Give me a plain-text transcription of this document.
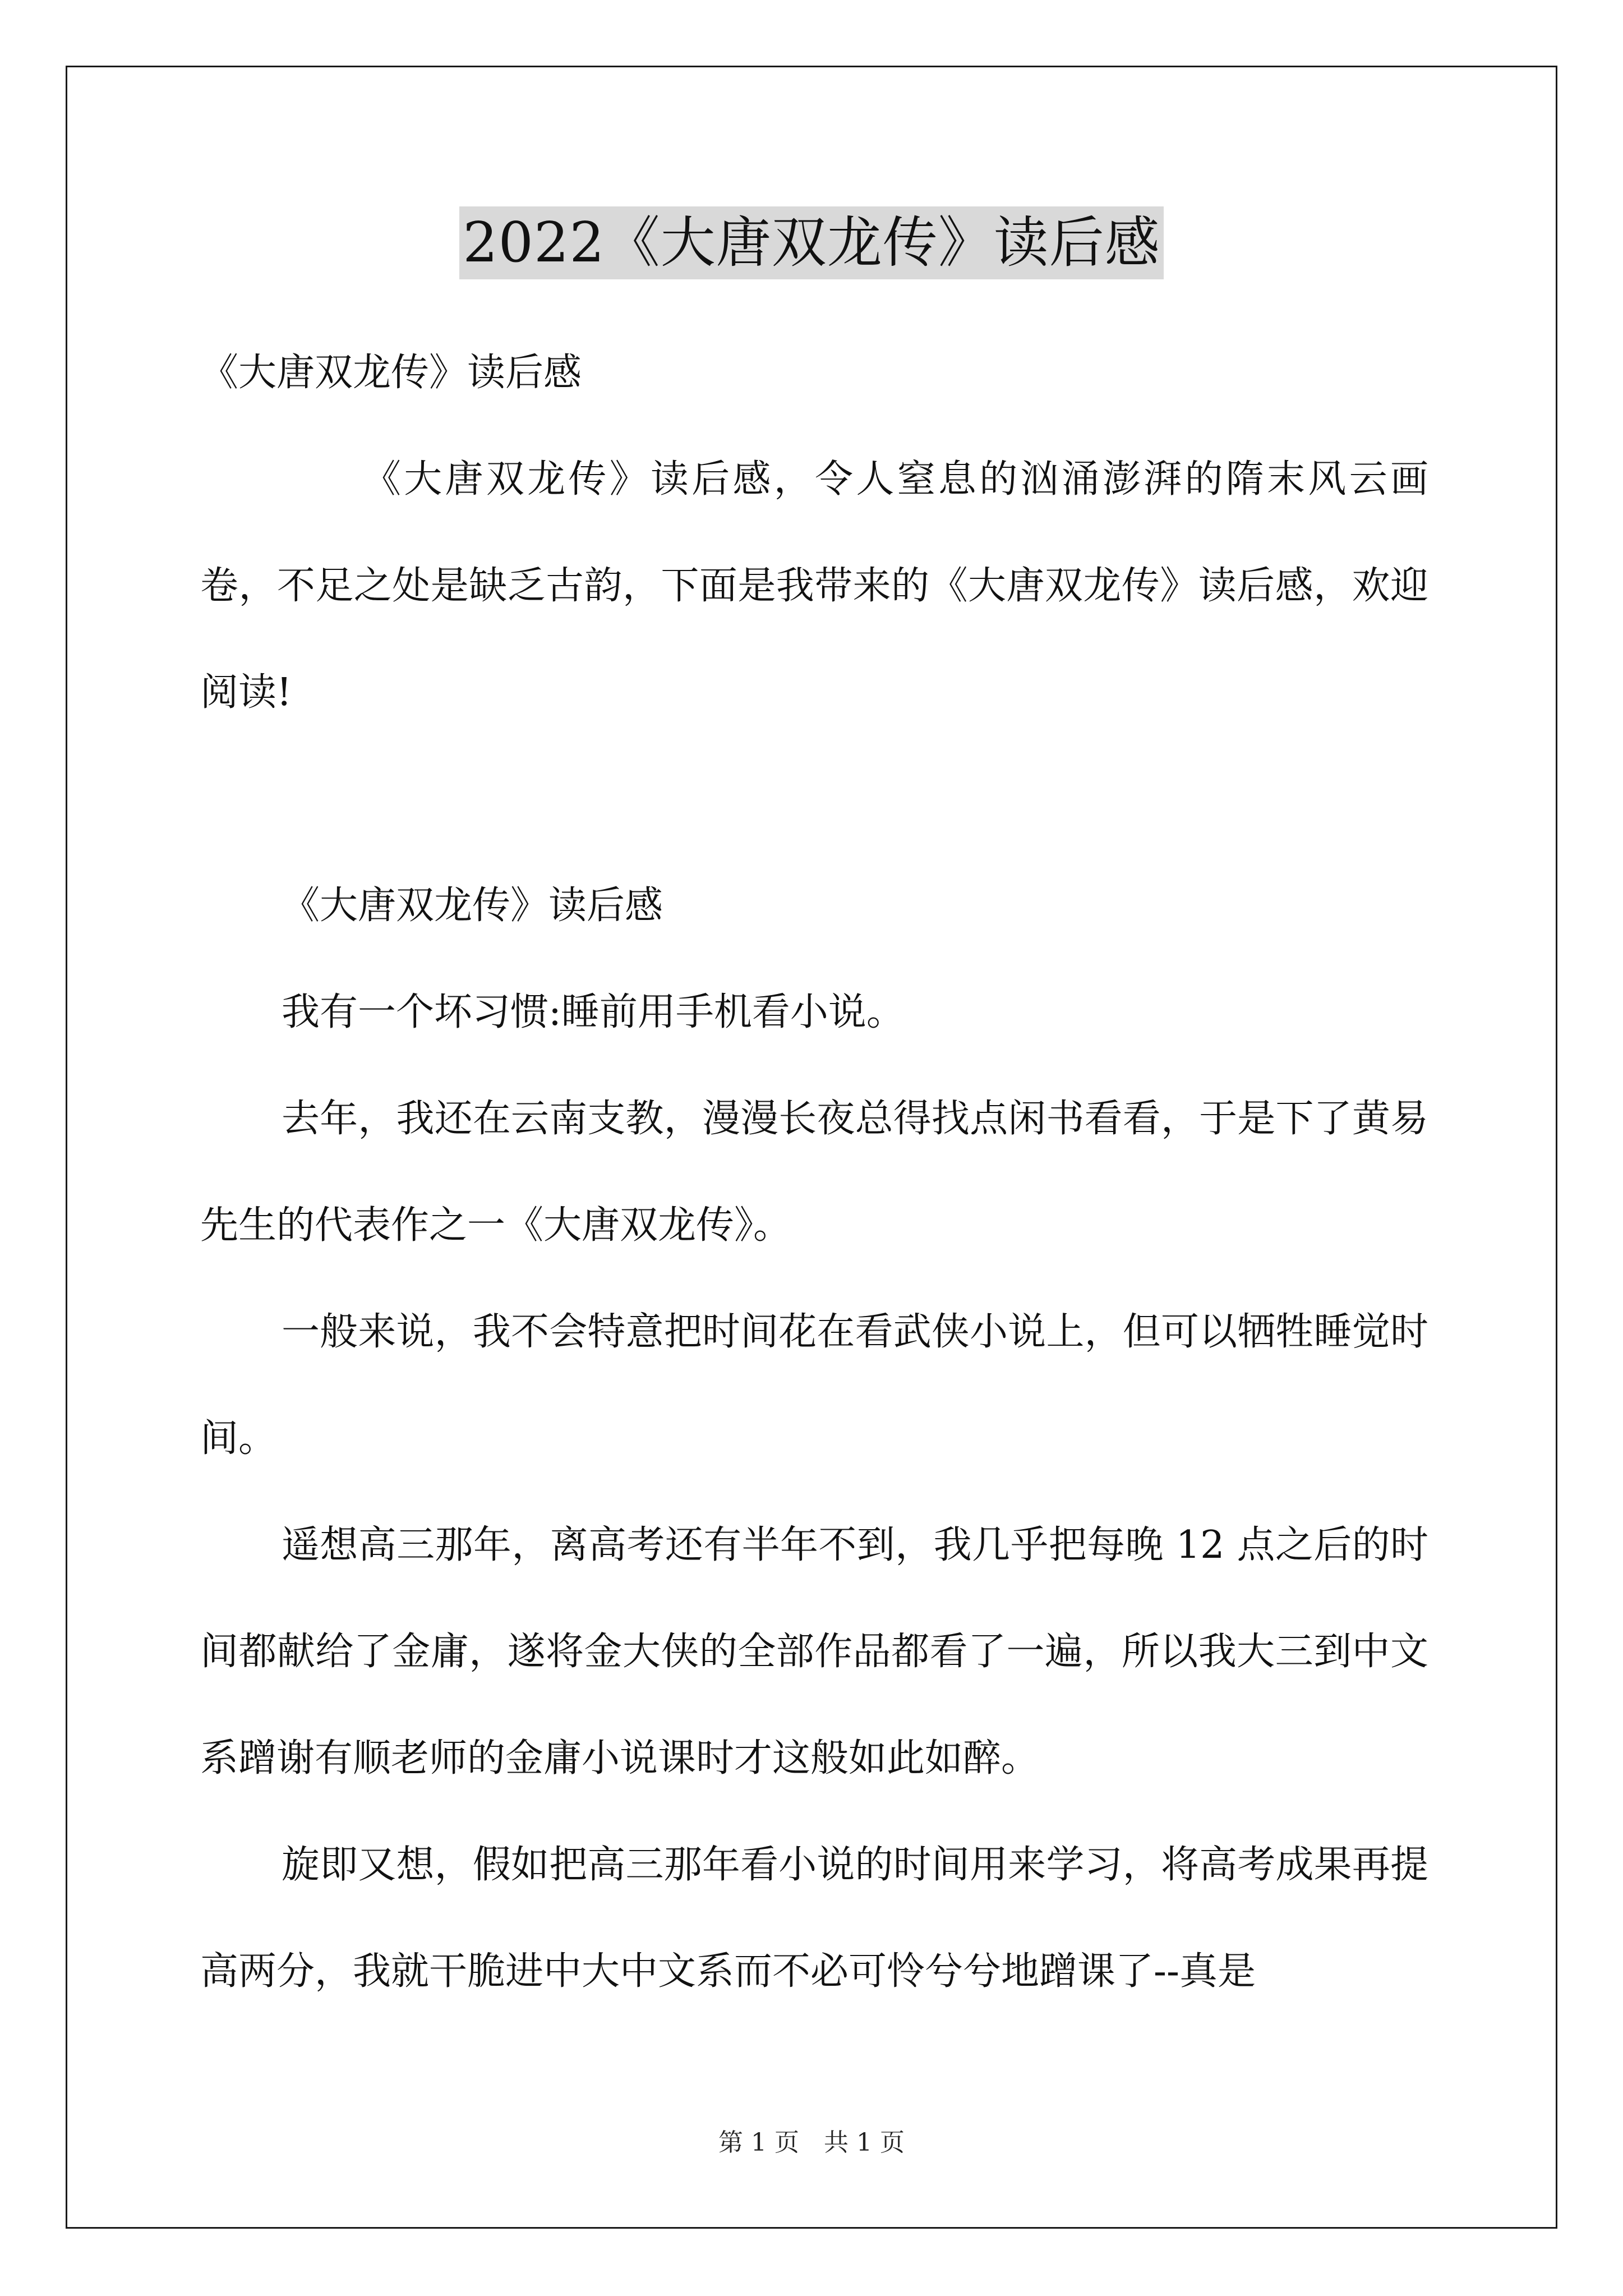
2022《大唐双龙传》读后感

《大唐双龙传》读后感

《大唐双龙传》读后感，令人窒息的汹涌澎湃的隋末风云画卷，不足之处是缺乏古韵，下面是我带来的《大唐双龙传》读后感，欢迎阅读!

《大唐双龙传》读后感

我有一个坏习惯:睡前用手机看小说。

去年，我还在云南支教，漫漫长夜总得找点闲书看看，于是下了黄易先生的代表作之一《大唐双龙传》。

一般来说，我不会特意把时间花在看武侠小说上，但可以牺牲睡觉时间。

遥想高三那年，离高考还有半年不到，我几乎把每晚 12 点之后的时间都献给了金庸，遂将金大侠的全部作品都看了一遍，所以我大三到中文系蹭谢有顺老师的金庸小说课时才这般如此如醉。

旋即又想，假如把高三那年看小说的时间用来学习，将高考成果再提高两分，我就干脆进中大中文系而不必可怜兮兮地蹭课了--真是

第 1 页　共 1 页
